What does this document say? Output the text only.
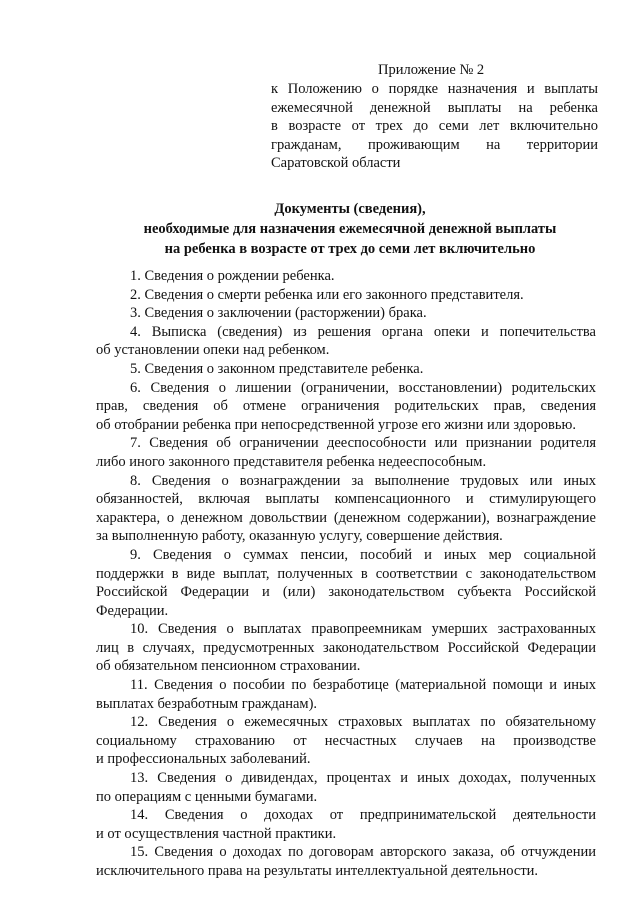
Приложение № 2
к Положению о порядке назначения и выплаты
ежемесячной денежной выплаты на ребенка
в возрасте от трех до семи лет включительно
гражданам, проживающим на территории
Саратовской области
Документы (сведения),
необходимые для назначения ежемесячной денежной выплаты
на ребенка в возрасте от трех до семи лет включительно
1. Сведения о рождении ребенка.
2. Сведения о смерти ребенка или его законного представителя.
3. Сведения о заключении (расторжении) брака.
4. Выписка (сведения) из решения органа опеки и попечительства
об установлении опеки над ребенком.
5. Сведения о законном представителе ребенка.
6. Сведения о лишении (ограничении, восстановлении) родительских
прав, сведения об отмене ограничения родительских прав, сведения
об отобрании ребенка при непосредственной угрозе его жизни или здоровью.
7. Сведения об ограничении дееспособности или признании родителя
либо иного законного представителя ребенка недееспособным.
8. Сведения о вознаграждении за выполнение трудовых или иных
обязанностей, включая выплаты компенсационного и стимулирующего
характера, о денежном довольствии (денежном содержании), вознаграждение
за выполненную работу, оказанную услугу, совершение действия.
9. Сведения о суммах пенсии, пособий и иных мер социальной
поддержки в виде выплат, полученных в соответствии с законодательством
Российской Федерации и (или) законодательством субъекта Российской
Федерации.
10. Сведения о выплатах правопреемникам умерших застрахованных
лиц в случаях, предусмотренных законодательством Российской Федерации
об обязательном пенсионном страховании.
11. Сведения о пособии по безработице (материальной помощи и иных
выплатах безработным гражданам).
12. Сведения о ежемесячных страховых выплатах по обязательному
социальному страхованию от несчастных случаев на производстве
и профессиональных заболеваний.
13. Сведения о дивидендах, процентах и иных доходах, полученных
по операциям с ценными бумагами.
14. Сведения о доходах от предпринимательской деятельности
и от осуществления частной практики.
15. Сведения о доходах по договорам авторского заказа, об отчуждении
исключительного права на результаты интеллектуальной деятельности.
